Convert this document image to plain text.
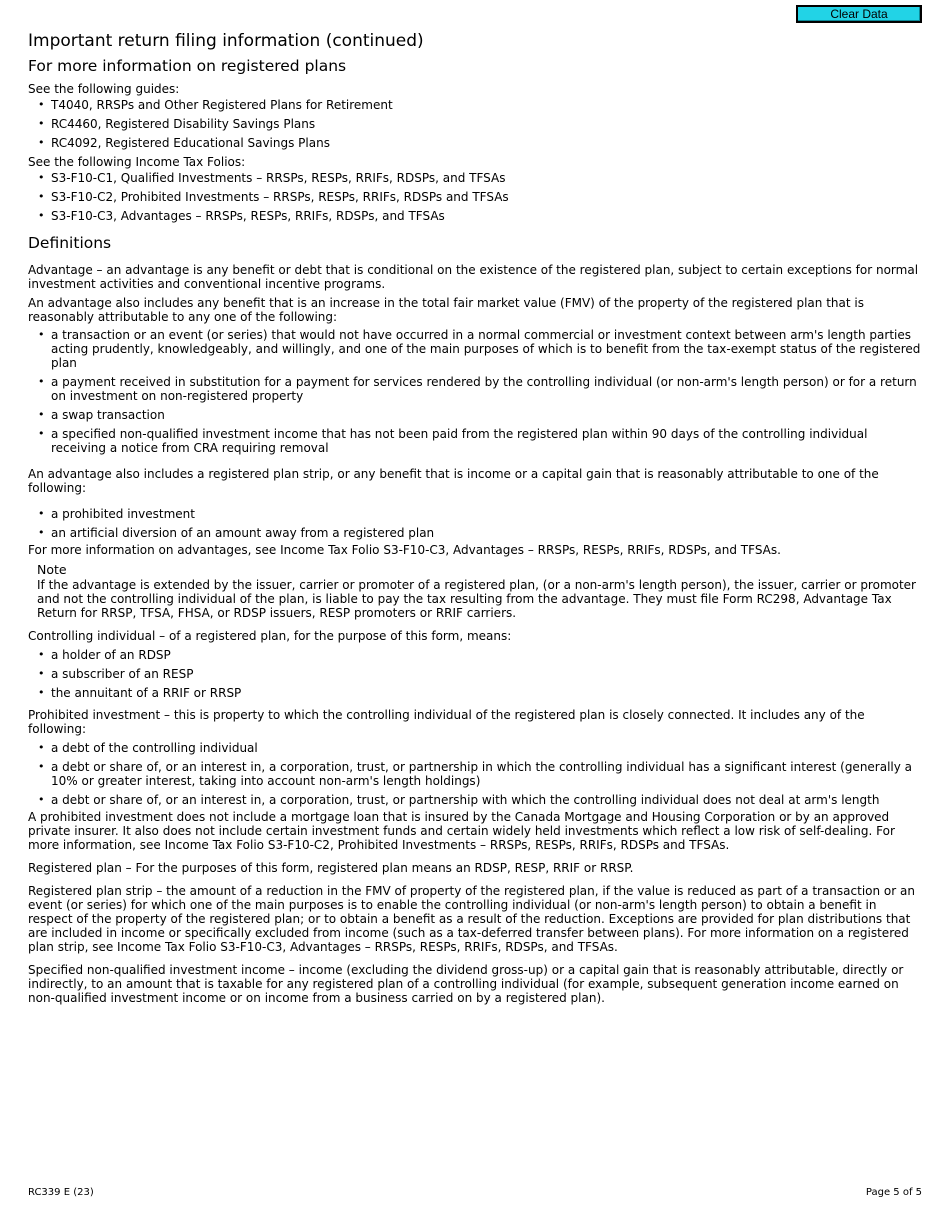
Clear Data
Important return filing information (continued)
For more information on registered plans

See the following guides:

• T4040, RRSPs and Other Registered Plans for Retirement
• RC4460, Registered Disability Savings Plans
• RC4092, Registered Educational Savings Plans

See the following Income Tax Folios:

• S3-F10-C1, Qualified Investments – RRSPs, RESPs, RRIFs, RDSPs, and TFSAs
• S3-F10-C2, Prohibited Investments – RRSPs, RESPs, RRIFs, RDSPs and TFSAs
• S3-F10-C3, Advantages – RRSPs, RESPs, RRIFs, RDSPs, and TFSAs
Definitions

Advantage – an advantage is any benefit or debt that is conditional on the existence of the registered plan, subject to certain exceptions for normal investment activities and conventional incentive programs.

An advantage also includes any benefit that is an increase in the total fair market value (FMV) of the property of the registered plan that is reasonably attributable to any one of the following:

• a transaction or an event (or series) that would not have occurred in a normal commercial or investment context between arm's length parties acting prudently, knowledgeably, and willingly, and one of the main purposes of which is to benefit from the tax-exempt status of the registered plan
• a payment received in substitution for a payment for services rendered by the controlling individual (or non-arm's length person) or for a return on investment on non-registered property
• a swap transaction
• a specified non-qualified investment income that has not been paid from the registered plan within 90 days of the controlling individual receiving a notice from CRA requiring removal

An advantage also includes a registered plan strip, or any benefit that is income or a capital gain that is reasonably attributable to one of the following:

• a prohibited investment
• an artificial diversion of an amount away from a registered plan

For more information on advantages, see Income Tax Folio S3-F10-C3, Advantages – RRSPs, RESPs, RRIFs, RDSPs, and TFSAs.

Note

If the advantage is extended by the issuer, carrier or promoter of a registered plan, (or a non-arm's length person), the issuer, carrier or promoter and not the controlling individual of the plan, is liable to pay the tax resulting from the advantage. They must file Form RC298, Advantage Tax Return for RRSP, TFSA, FHSA, or RDSP issuers, RESP promoters or RRIF carriers.

Controlling individual – of a registered plan, for the purpose of this form, means:

• a holder of an RDSP
• a subscriber of an RESP
• the annuitant of a RRIF or RRSP

Prohibited investment – this is property to which the controlling individual of the registered plan is closely connected. It includes any of the following:

• a debt of the controlling individual
• a debt or share of, or an interest in, a corporation, trust, or partnership in which the controlling individual has a significant interest (generally a 10% or greater interest, taking into account non-arm's length holdings)
• a debt or share of, or an interest in, a corporation, trust, or partnership with which the controlling individual does not deal at arm's length

A prohibited investment does not include a mortgage loan that is insured by the Canada Mortgage and Housing Corporation or by an approved private insurer. It also does not include certain investment funds and certain widely held investments which reflect a low risk of self-dealing. For more information, see Income Tax Folio S3-F10-C2, Prohibited Investments – RRSPs, RESPs, RRIFs, RDSPs and TFSAs.

Registered plan – For the purposes of this form, registered plan means an RDSP, RESP, RRIF or RRSP.

Registered plan strip – the amount of a reduction in the FMV of property of the registered plan, if the value is reduced as part of a transaction or an event (or series) for which one of the main purposes is to enable the controlling individual (or non-arm's length person) to obtain a benefit in respect of the property of the registered plan; or to obtain a benefit as a result of the reduction. Exceptions are provided for plan distributions that are included in income or specifically excluded from income (such as a tax-deferred transfer between plans). For more information on a registered plan strip, see Income Tax Folio S3-F10-C3, Advantages – RRSPs, RESPs, RRIFs, RDSPs, and TFSAs.

Specified non-qualified investment income – income (excluding the dividend gross-up) or a capital gain that is reasonably attributable, directly or indirectly, to an amount that is taxable for any registered plan of a controlling individual (for example, subsequent generation income earned on non-qualified investment income or on income from a business carried on by a registered plan).

RC339 E (23)	Page 5 of 5
